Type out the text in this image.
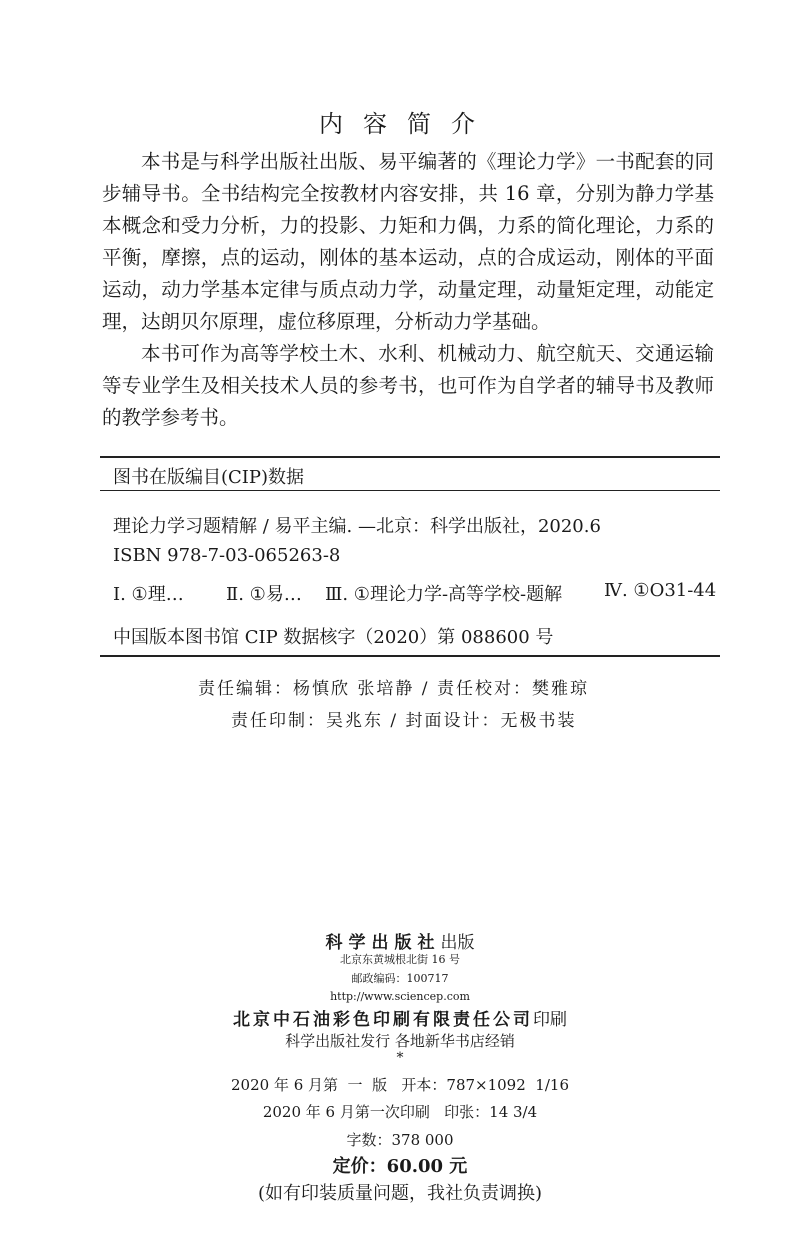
内容简介

本书是与科学出版社出版、易平编著的《理论力学》一书配套的同步辅导书。全书结构完全按教材内容安排，共 16 章，分别为静力学基本概念和受力分析，力的投影、力矩和力偶，力系的简化理论，力系的平衡，摩擦，点的运动，刚体的基本运动，点的合成运动，刚体的平面运动，动力学基本定律与质点动力学，动量定理，动量矩定理，动能定理，达朗贝尔原理，虚位移原理，分析动力学基础。

本书可作为高等学校土木、水利、机械动力、航空航天、交通运输等专业学生及相关技术人员的参考书，也可作为自学者的辅导书及教师的教学参考书。

图书在版编目(CIP)数据
理论力学习题精解 / 易平主编. —北京：科学出版社，2020.6
ISBN 978-7-03-065263-8
Ⅰ. ①理… Ⅱ. ①易… Ⅲ. ①理论力学-高等学校-题解 Ⅳ. ①O31-44
中国版本图书馆 CIP 数据核字（2020）第 088600 号
责任编辑：杨慎欣 张培静 / 责任校对：樊雅琼
责任印制：吴兆东 / 封面设计：无极书装
科学出版社出版
北京东黄城根北街 16 号
邮政编码：100717
http://www.sciencep.com
北京中石油彩色印刷有限责任公司印刷
科学出版社发行 各地新华书店经销
*
2020 年 6 月第  一  版   开本：787×1092  1/16
2020 年 6 月第一次印刷   印张：14 3/4
字数：378 000
定价：60.00 元
(如有印装质量问题，我社负责调换)
